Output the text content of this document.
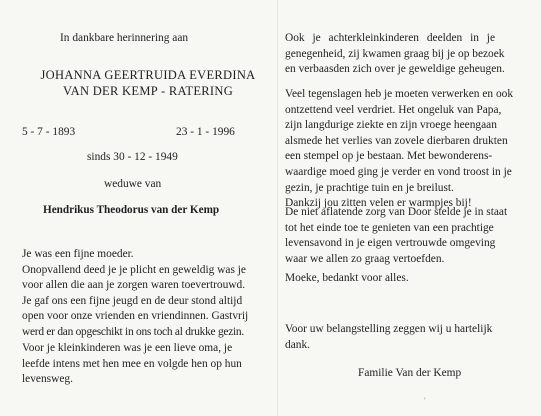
In dankbare herinnering aan
JOHANNA GEERTRUIDA EVERDINA
VAN DER KEMP - RATERING
5 - 7 - 1893	23 - 1 - 1996
sinds 30 - 12 - 1949
weduwe van
Hendrikus Theodorus van der Kemp

Je was een fijne moeder.

Onopvallend deed je je plicht en geweldig was je

voor allen die aan je zorgen waren toevertrouwd.

Je gaf ons een fijne jeugd en de deur stond altijd

open voor onze vrienden en vriendinnen. Gastvrij

werd er dan opgeschikt in ons toch al drukke gezin.

Voor je kleinkinderen was je een lieve oma, je

leefde intens met hen mee en volgde hen op hun

levensweg.

Ook je achterkleinkinderen deelden in je

genegenheid, zij kwamen graag bij je op bezoek

en verbaasden zich over je geweldige geheugen.

Veel tegenslagen heb je moeten verwerken en ook

ontzettend veel verdriet. Het ongeluk van Papa,

zijn langdurige ziekte en zijn vroege heengaan

alsmede het verlies van zovele dierbaren drukten

een stempel op je bestaan. Met bewonderens-

waardige moed ging je verder en vond troost in je

gezin, je prachtige tuin en je breilust.

Dankzij jou zitten velen er warmpjes bij!

De niet aflatende zorg van Door stelde je in staat

tot het einde toe te genieten van een prachtige

levensavond in je eigen vertrouwde omgeving

waar we allen zo graag vertoefden.

Moeke, bedankt voor alles.

Voor uw belangstelling zeggen wij u hartelijk

dank.

Familie Van der Kemp
'
